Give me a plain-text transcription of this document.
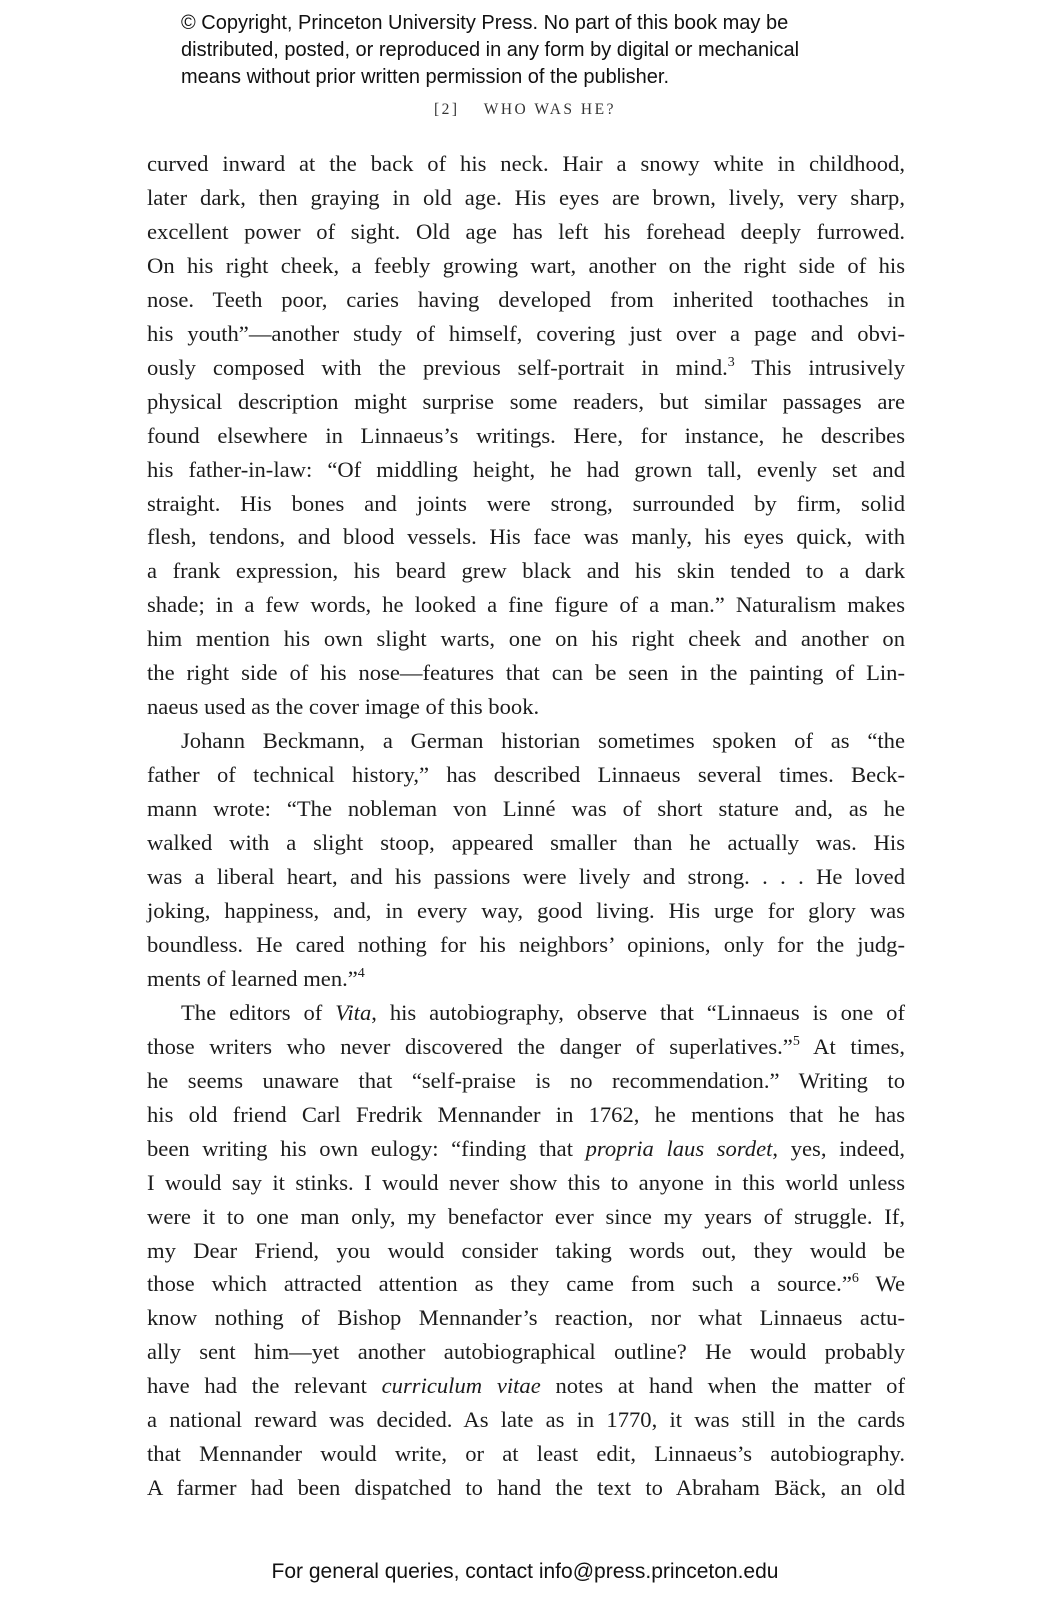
© Copyright, Princeton University Press. No part of this book may be
distributed, posted, or reproduced in any form by digital or mechanical
means without prior written permission of the publisher.
[2] WHO WAS HE?
curved inward at the back of his neck. Hair a snowy white in childhood,
later dark, then graying in old age. His eyes are brown, lively, very sharp,
excellent power of sight. Old age has left his forehead deeply furrowed.
On his right cheek, a feebly growing wart, another on the right side of his
nose. Teeth poor, caries having developed from inherited toothaches in
his youth”—another study of himself, covering just over a page and obvi-
ously composed with the previous self-portrait in mind.$^3$ This intrusively
physical description might surprise some readers, but similar passages are
found elsewhere in Linnaeus’s writings. Here, for instance, he describes
his father-in-law: “Of middling height, he had grown tall, evenly set and
straight. His bones and joints were strong, surrounded by firm, solid
flesh, tendons, and blood vessels. His face was manly, his eyes quick, with
a frank expression, his beard grew black and his skin tended to a dark
shade; in a few words, he looked a fine figure of a man.” Naturalism makes
him mention his own slight warts, one on his right cheek and another on
the right side of his nose—features that can be seen in the painting of Lin-
naeus used as the cover image of this book.
Johann Beckmann, a German historian sometimes spoken of as “the
father of technical history,” has described Linnaeus several times. Beck-
mann wrote: “The nobleman von Linné was of short stature and, as he
walked with a slight stoop, appeared smaller than he actually was. His
was a liberal heart, and his passions were lively and strong. . . . He loved
joking, happiness, and, in every way, good living. His urge for glory was
boundless. He cared nothing for his neighbors’ opinions, only for the judg-
ments of learned men.”$^4$
The editors of Vita, his autobiography, observe that “Linnaeus is one of
those writers who never discovered the danger of superlatives.”$^5$ At times,
he seems unaware that “self-praise is no recommendation.” Writing to
his old friend Carl Fredrik Mennander in 1762, he mentions that he has
been writing his own eulogy: “finding that propria laus sordet, yes, indeed,
I would say it stinks. I would never show this to anyone in this world unless
were it to one man only, my benefactor ever since my years of struggle. If,
my Dear Friend, you would consider taking words out, they would be
those which attracted attention as they came from such a source.”$^6$ We
know nothing of Bishop Mennander’s reaction, nor what Linnaeus actu-
ally sent him—yet another autobiographical outline? He would probably
have had the relevant curriculum vitae notes at hand when the matter of
a national reward was decided. As late as in 1770, it was still in the cards
that Mennander would write, or at least edit, Linnaeus’s autobiography.
A farmer had been dispatched to hand the text to Abraham Bäck, an old
For general queries, contact info@press.princeton.edu
